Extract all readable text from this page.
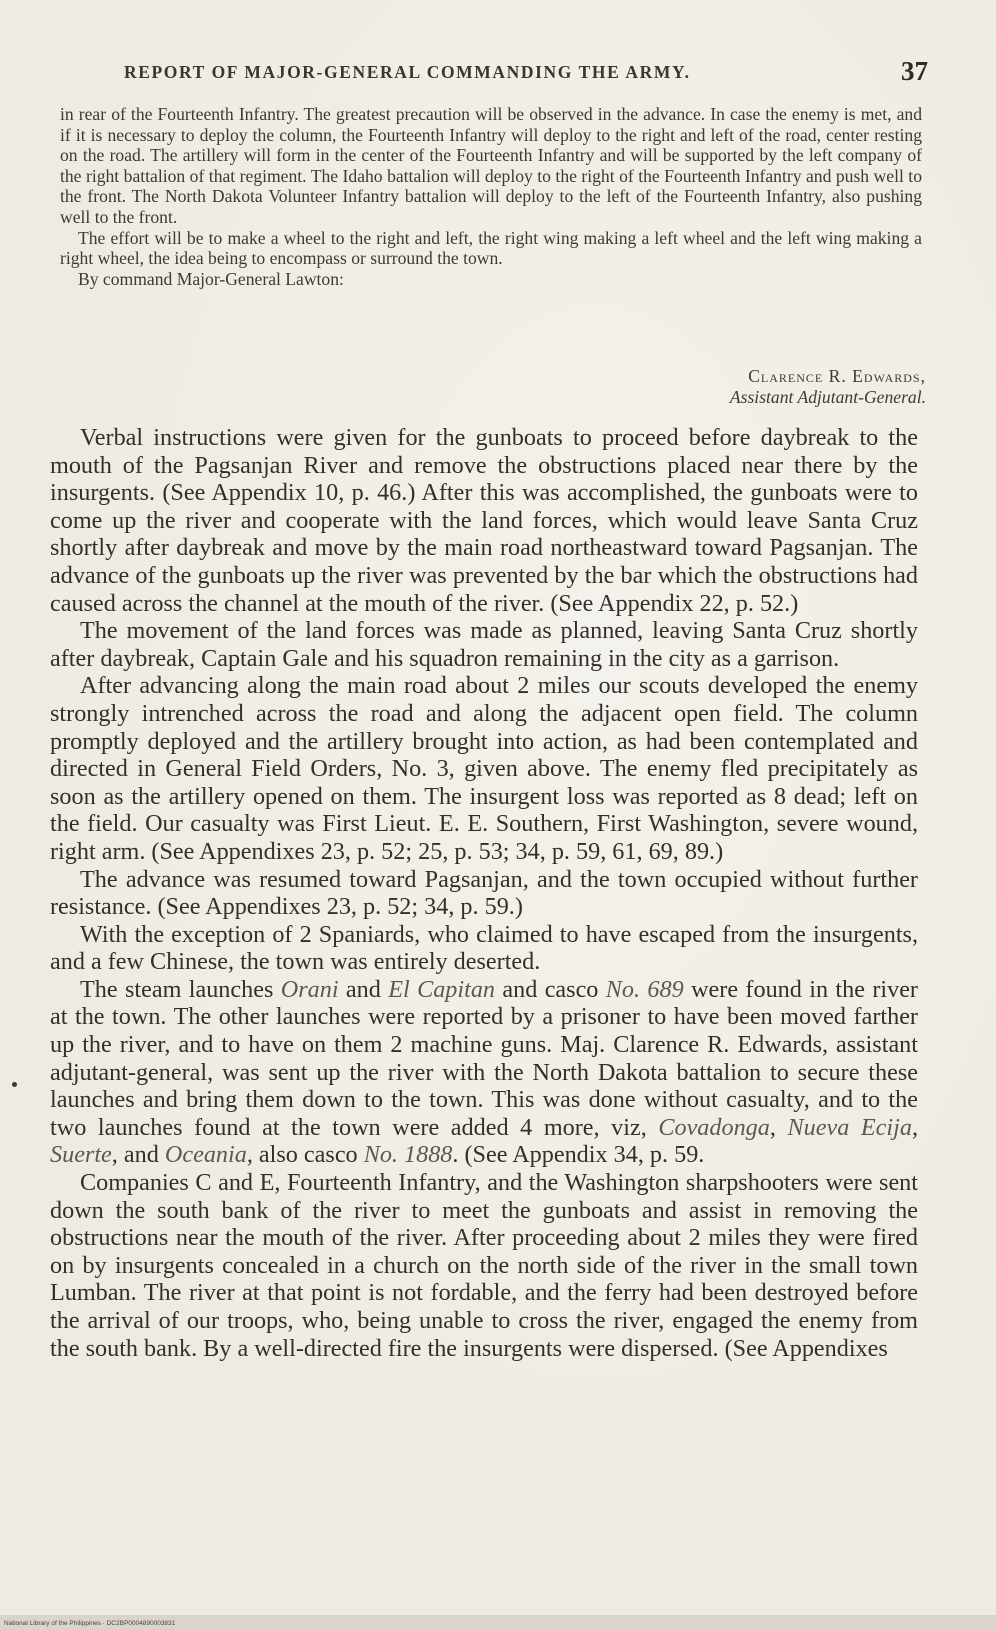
REPORT OF MAJOR-GENERAL COMMANDING THE ARMY.	37

in rear of the Fourteenth Infantry. The greatest precaution will be observed in the advance. In case the enemy is met, and if it is necessary to deploy the column, the Fourteenth Infantry will deploy to the right and left of the road, center resting on the road. The artillery will form in the center of the Fourteenth Infantry and will be supported by the left company of the right battalion of that regiment. The Idaho battalion will deploy to the right of the Fourteenth Infantry and push well to the front. The North Dakota Volunteer Infantry battalion will deploy to the left of the Fourteenth Infantry, also pushing well to the front.

The effort will be to make a wheel to the right and left, the right wing making a left wheel and the left wing making a right wheel, the idea being to encompass or surround the town.

By command Major-General Lawton:

Clarence R. Edwards,
Assistant Adjutant-General.

Verbal instructions were given for the gunboats to proceed before daybreak to the mouth of the Pagsanjan River and remove the obstructions placed near there by the insurgents. (See Appendix 10, p. 46.) After this was accomplished, the gunboats were to come up the river and cooperate with the land forces, which would leave Santa Cruz shortly after daybreak and move by the main road northeastward toward Pagsanjan. The advance of the gunboats up the river was prevented by the bar which the obstructions had caused across the channel at the mouth of the river. (See Appendix 22, p. 52.)

The movement of the land forces was made as planned, leaving Santa Cruz shortly after daybreak, Captain Gale and his squadron remaining in the city as a garrison.

After advancing along the main road about 2 miles our scouts developed the enemy strongly intrenched across the road and along the adjacent open field. The column promptly deployed and the artillery brought into action, as had been contemplated and directed in General Field Orders, No. 3, given above. The enemy fled precipitately as soon as the artillery opened on them. The insurgent loss was reported as 8 dead; left on the field. Our casualty was First Lieut. E. E. Southern, First Washington, severe wound, right arm. (See Appendixes 23, p. 52; 25, p. 53; 34, p. 59, 61, 69, 89.)

The advance was resumed toward Pagsanjan, and the town occupied without further resistance. (See Appendixes 23, p. 52; 34, p. 59.)

With the exception of 2 Spaniards, who claimed to have escaped from the insurgents, and a few Chinese, the town was entirely deserted.

The steam launches Orani and El Capitan and casco No. 689 were found in the river at the town. The other launches were reported by a prisoner to have been moved farther up the river, and to have on them 2 machine guns. Maj. Clarence R. Edwards, assistant adjutant-general, was sent up the river with the North Dakota battalion to secure these launches and bring them down to the town. This was done without casualty, and to the two launches found at the town were added 4 more, viz, Covadonga, Nueva Ecija, Suerte, and Oceania, also casco No. 1888. (See Appendix 34, p. 59.

Companies C and E, Fourteenth Infantry, and the Washington sharpshooters were sent down the south bank of the river to meet the gunboats and assist in removing the obstructions near the mouth of the river. After proceeding about 2 miles they were fired on by insurgents concealed in a church on the north side of the river in the small town Lumban. The river at that point is not fordable, and the ferry had been destroyed before the arrival of our troops, who, being unable to cross the river, engaged the enemy from the south bank. By a well-directed fire the insurgents were dispersed. (See Appendixes

National Library of the Philippines · DC2BP0004890003831
